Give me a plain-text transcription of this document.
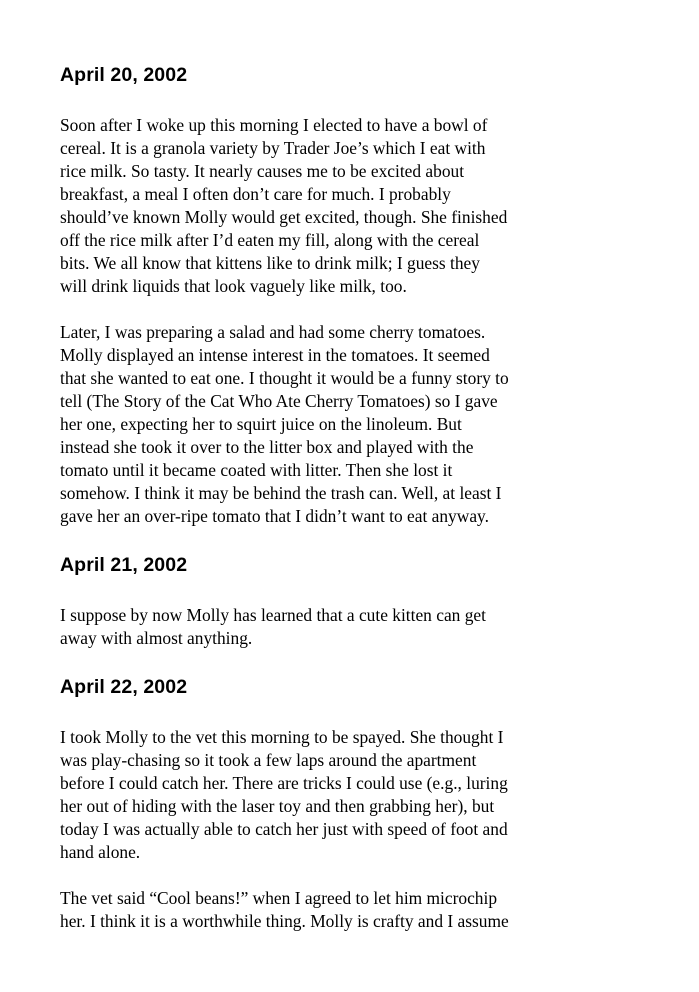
April 20, 2002

Soon after I woke up this morning I elected to have a bowl of
cereal. It is a granola variety by Trader Joe’s which I eat with
rice milk. So tasty. It nearly causes me to be excited about
breakfast, a meal I often don’t care for much. I probably
should’ve known Molly would get excited, though. She finished
off the rice milk after I’d eaten my fill, along with the cereal
bits. We all know that kittens like to drink milk; I guess they
will drink liquids that look vaguely like milk, too.

Later, I was preparing a salad and had some cherry tomatoes.
Molly displayed an intense interest in the tomatoes. It seemed
that she wanted to eat one. I thought it would be a funny story to
tell (The Story of the Cat Who Ate Cherry Tomatoes) so I gave
her one, expecting her to squirt juice on the linoleum. But
instead she took it over to the litter box and played with the
tomato until it became coated with litter. Then she lost it
somehow. I think it may be behind the trash can. Well, at least I
gave her an over-ripe tomato that I didn’t want to eat anyway.

April 21, 2002

I suppose by now Molly has learned that a cute kitten can get
away with almost anything.

April 22, 2002

I took Molly to the vet this morning to be spayed. She thought I
was play-chasing so it took a few laps around the apartment
before I could catch her. There are tricks I could use (e.g., luring
her out of hiding with the laser toy and then grabbing her), but
today I was actually able to catch her just with speed of foot and
hand alone.

The vet said “Cool beans!” when I agreed to let him microchip
her. I think it is a worthwhile thing. Molly is crafty and I assume
